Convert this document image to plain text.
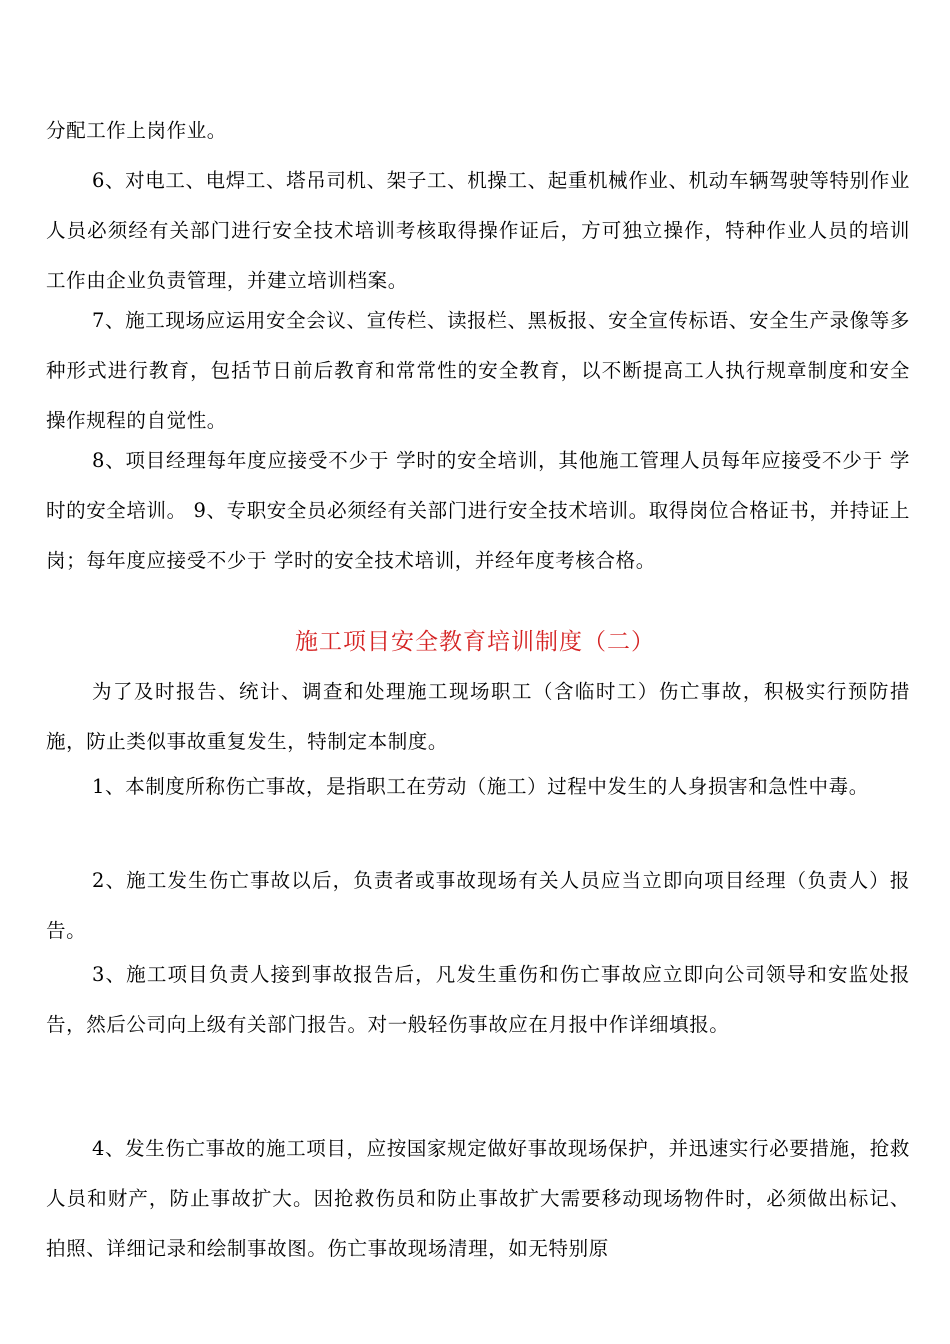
分配工作上岗作业。

6、对电工、电焊工、塔吊司机、架子工、机操工、起重机械作业、机动车辆驾驶等特别作业人员必须经有关部门进行安全技术培训考核取得操作证后，方可独立操作，特种作业人员的培训工作由企业负责管理，并建立培训档案。

7、施工现场应运用安全会议、宣传栏、读报栏、黑板报、安全宣传标语、安全生产录像等多种形式进行教育，包括节日前后教育和常常性的安全教育，以不断提高工人执行规章制度和安全操作规程的自觉性。

8、项目经理每年度应接受不少于 学时的安全培训，其他施工管理人员每年应接受不少于 学时的安全培训。 9、专职安全员必须经有关部门进行安全技术培训。取得岗位合格证书，并持证上岗；每年度应接受不少于 学时的安全技术培训，并经年度考核合格。

施工项目安全教育培训制度（二）

为了及时报告、统计、调查和处理施工现场职工（含临时工）伤亡事故，积极实行预防措施，防止类似事故重复发生，特制定本制度。

1、本制度所称伤亡事故，是指职工在劳动（施工）过程中发生的人身损害和急性中毒。

2、施工发生伤亡事故以后，负责者或事故现场有关人员应当立即向项目经理（负责人）报告。

3、施工项目负责人接到事故报告后，凡发生重伤和伤亡事故应立即向公司领导和安监处报告，然后公司向上级有关部门报告。对一般轻伤事故应在月报中作详细填报。

4、发生伤亡事故的施工项目，应按国家规定做好事故现场保护，并迅速实行必要措施，抢救人员和财产，防止事故扩大。因抢救伤员和防止事故扩大需要移动现场物件时，必须做出标记、拍照、详细记录和绘制事故图。伤亡事故现场清理，如无特别原
